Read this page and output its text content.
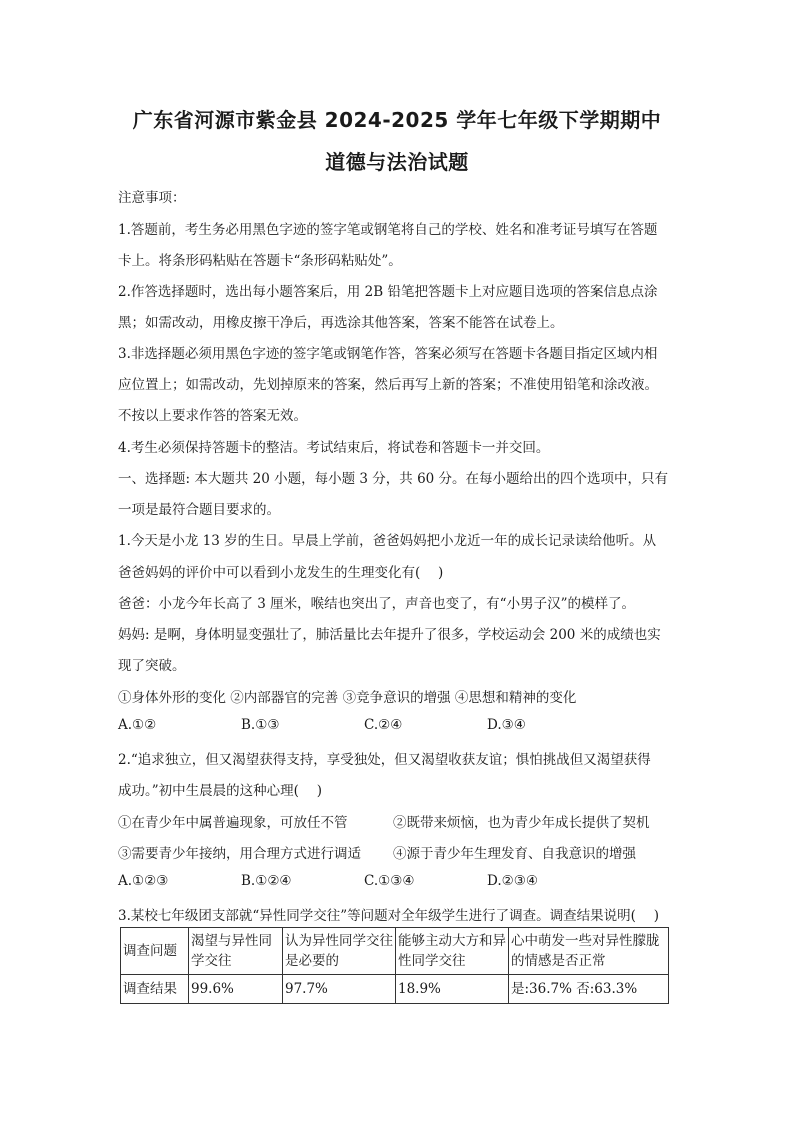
广东省河源市紫金县 2024-2025 学年七年级下学期期中
道德与法治试题
注意事项：
1.答题前，考生务必用黑色字迹的签字笔或钢笔将自己的学校、姓名和准考证号填写在答题
卡上。将条形码粘贴在答题卡“条形码粘贴处”。
2.作答选择题时，选出每小题答案后，用 2B 铅笔把答题卡上对应题目选项的答案信息点涂
黑；如需改动，用橡皮擦干净后，再选涂其他答案，答案不能答在试卷上。
3.非选择题必须用黑色字迹的签字笔或钢笔作答，答案必须写在答题卡各题目指定区域内相
应位置上；如需改动，先划掉原来的答案，然后再写上新的答案；不准使用铅笔和涂改液。
不按以上要求作答的答案无效。
4.考生必须保持答题卡的整洁。考试结束后，将试卷和答题卡一并交回。
一、选择题: 本大题共 20 小题，每小题 3 分，共 60 分。在每小题给出的四个选项中，只有
一项是最符合题目要求的。
1.今天是小龙 13 岁的生日。早晨上学前，爸爸妈妈把小龙近一年的成长记录读给他听。从
爸爸妈妈的评价中可以看到小龙发生的生理变化有(　 )
爸爸：小龙今年长高了 3 厘米，喉结也突出了，声音也变了，有“小男子汉”的模样了。
妈妈: 是啊，身体明显变强壮了，肺活量比去年提升了很多，学校运动会 200 米的成绩也实
现了突破。
①身体外形的变化 ②内部器官的完善 ③竞争意识的增强 ④思想和精神的变化
A.①②	B.①③	C.②④	D.③④
2.“追求独立，但又渴望获得支持，享受独处，但又渴望收获友谊；惧怕挑战但又渴望获得
成功。”初中生晨晨的这种心理(　 )
①在青少年中属普遍现象，可放任不管	②既带来烦恼，也为青少年成长提供了契机
③需要青少年接纳，用合理方式进行调适 ④源于青少年生理发育、自我意识的增强
A.①②③	B.①②④	C.①③④	D.②③④
3.某校七年级团支部就“异性同学交往”等问题对全年级学生进行了调查。调查结果说明(　 )
调查问题	渴望与异性同学交往	认为异性同学交往是必要的	能够主动大方和异性同学交往	心中萌发一些对异性朦胧的情感是否正常
调查结果	99.6%	97.7%	18.9%	是:36.7% 否:63.3%
